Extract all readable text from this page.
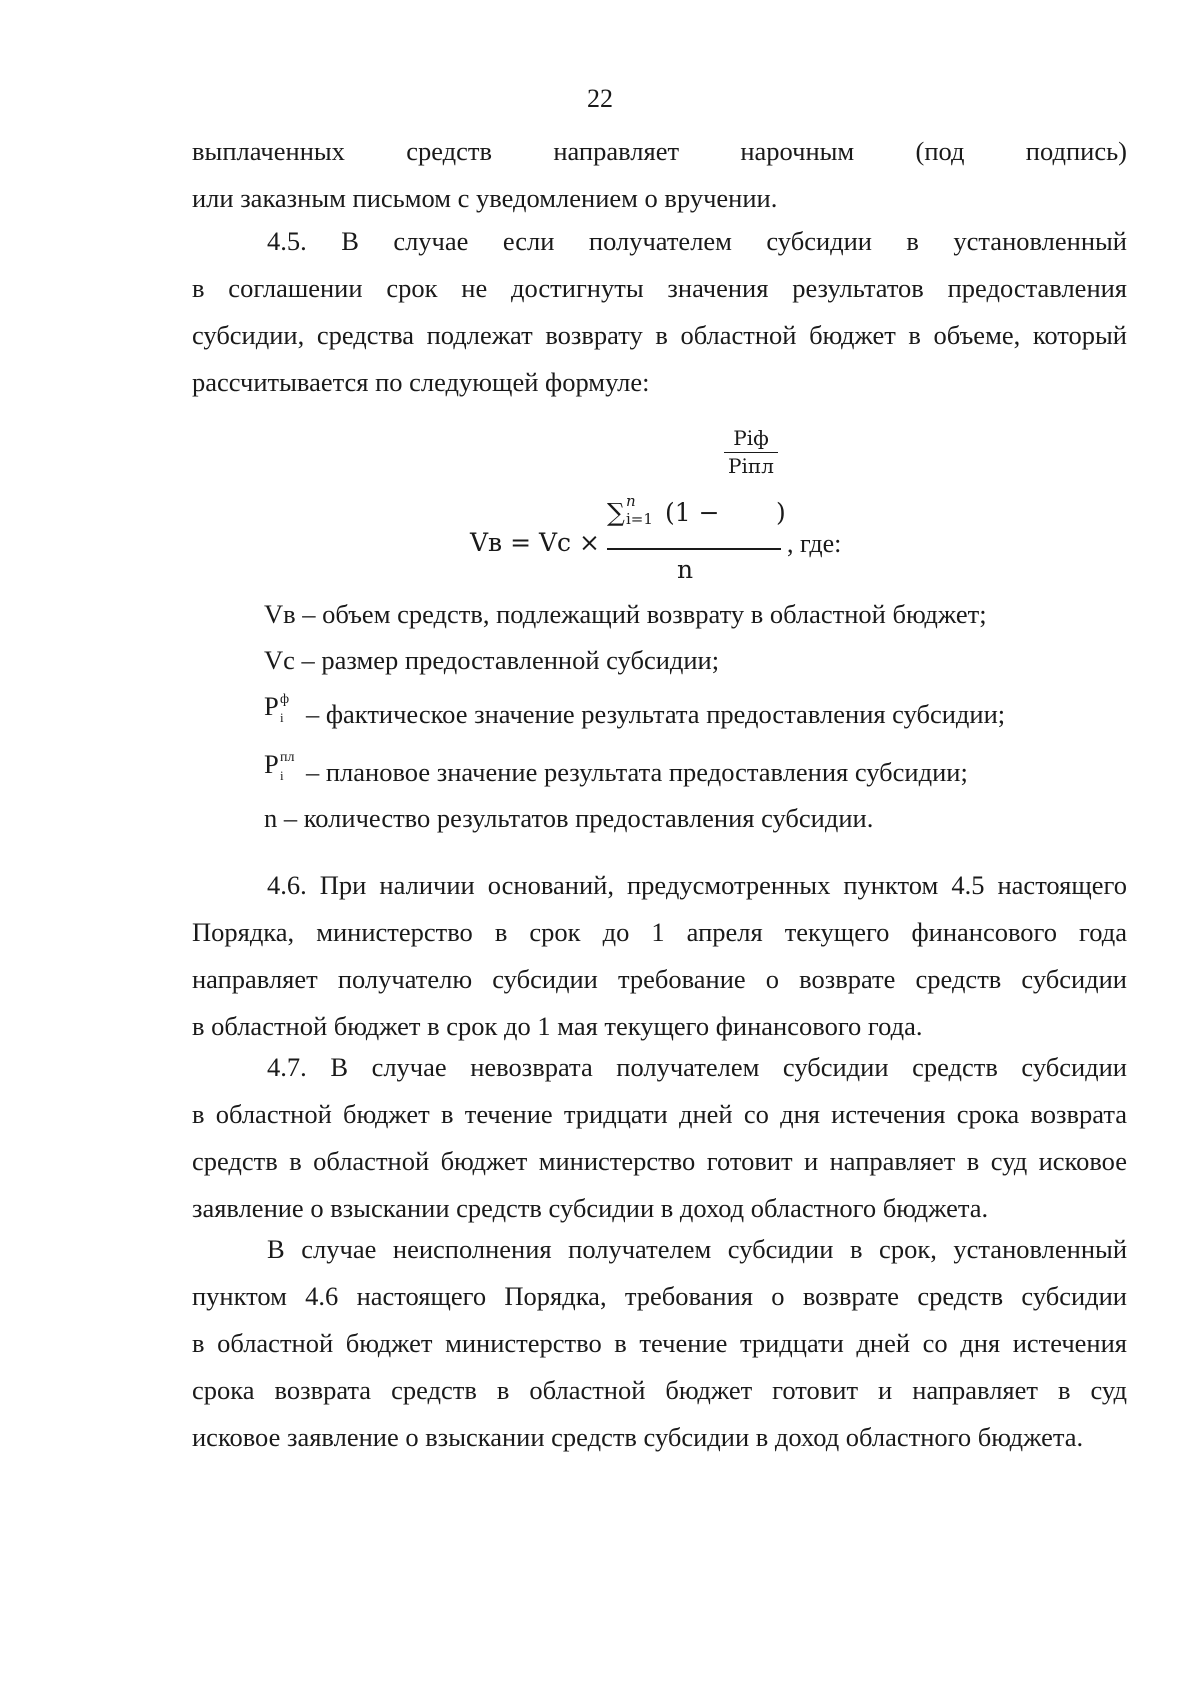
22
выплаченных средств направляет нарочным (под подпись)
или заказным письмом с уведомлением о вручении.
4.5. В случае если получателем субсидии в установленный
в соглашении срок не достигнуты значения результатов предоставления
субсидии, средства подлежат возврату в областной бюджет в объеме, который
рассчитывается по следующей формуле:
Vв = Vс ×
∑ n
i=1 (1 −
Piф
Piпл
)
n
, где:
Vв – объем средств, подлежащий возврату в областной бюджет;
Vс – размер предоставленной субсидии;
P ф
i – фактическое значение результата предоставления субсидии;
P пл
i – плановое значение результата предоставления субсидии;
n – количество результатов предоставления субсидии.
4.6. При наличии оснований, предусмотренных пунктом 4.5 настоящего
Порядка, министерство в срок до 1 апреля текущего финансового года
направляет получателю субсидии требование о возврате средств субсидии
в областной бюджет в срок до 1 мая текущего финансового года.
4.7. В случае невозврата получателем субсидии средств субсидии
в областной бюджет в течение тридцати дней со дня истечения срока возврата
средств в областной бюджет министерство готовит и направляет в суд исковое
заявление о взыскании средств субсидии в доход областного бюджета.
В случае неисполнения получателем субсидии в срок, установленный
пунктом 4.6 настоящего Порядка, требования о возврате средств субсидии
в областной бюджет министерство в течение тридцати дней со дня истечения
срока возврата средств в областной бюджет готовит и направляет в суд
исковое заявление о взыскании средств субсидии в доход областного бюджета.
